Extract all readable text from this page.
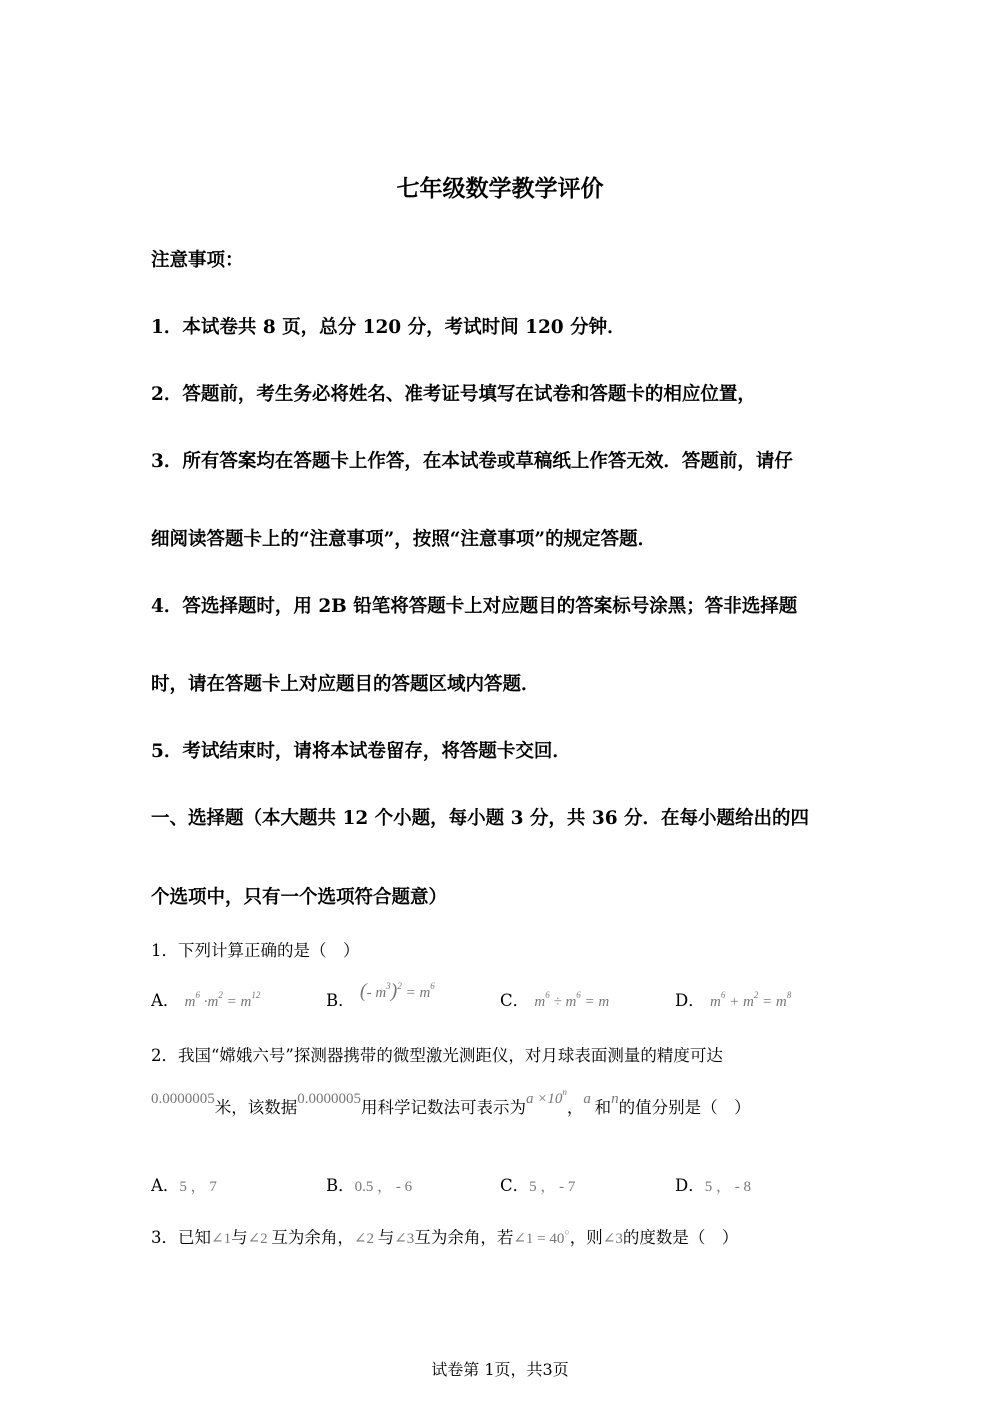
七年级数学教学评价
注意事项：
1．本试卷共 8 页，总分 120 分，考试时间 120 分钟．
2．答题前，考生务必将姓名、准考证号填写在试卷和答题卡的相应位置，
3．所有答案均在答题卡上作答，在本试卷或草稿纸上作答无效．答题前，请仔
细阅读答题卡上的“注意事项”，按照“注意事项”的规定答题．
4．答选择题时，用 2B 铅笔将答题卡上对应题目的答案标号涂黑；答非选择题
时，请在答题卡上对应题目的答题区域内答题．
5．考试结束时，请将本试卷留存，将答题卡交回．
一、选择题（本大题共 12 个小题，每小题 3 分，共 36 分．在每小题给出的四
个选项中，只有一个选项符合题意）
1．下列计算正确的是（　）
A． $m^6 \cdot m^2 = m^{12}$	B． (- $m^3)^2 = m^6$
C． $m^6 \div m^6 = m$	D． $m^6 + m^2 = m^8$
2．我国“嫦娥六号”探测器携带的微型激光测距仪，对月球表面测量的精度可达
0.0000005米，该数据0.0000005用科学记数法可表示为$a \times 10^n$，a 和n的值分别是（　）
A．5 ， 7	B．0.5 ， - 6	C．5 ， - 7	D．5 ， - 8
3．已知∠1与∠2 互为余角，∠2 与∠3互为余角，若∠1 = 40○，则∠3的度数是（　）
试卷第 1页，共3页
